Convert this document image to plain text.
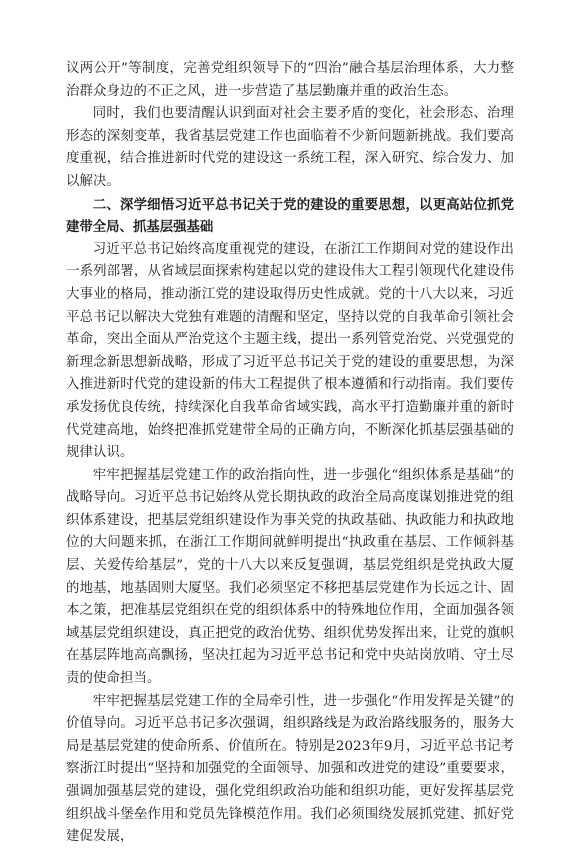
议两公开”等制度，完善党组织领导下的“四治”融合基层治理体系，大力整治群众身边的不正之风，进一步营造了基层勤廉并重的政治生态。

同时，我们也要清醒认识到面对社会主要矛盾的变化，社会形态、治理形态的深刻变革，我省基层党建工作也面临着不少新问题新挑战。我们要高度重视，结合推进新时代党的建设这一系统工程，深入研究、综合发力、加以解决。

二、深学细悟习近平总书记关于党的建设的重要思想，以更高站位抓党建带全局、抓基层强基础

习近平总书记始终高度重视党的建设，在浙江工作期间对党的建设作出一系列部署，从省域层面探索构建起以党的建设伟大工程引领现代化建设伟大事业的格局，推动浙江党的建设取得历史性成就。党的十八大以来，习近平总书记以解决大党独有难题的清醒和坚定，坚持以党的自我革命引领社会革命，突出全面从严治党这个主题主线，提出一系列管党治党、兴党强党的新理念新思想新战略，形成了习近平总书记关于党的建设的重要思想，为深入推进新时代党的建设新的伟大工程提供了根本遵循和行动指南。我们要传承发扬优良传统，持续深化自我革命省域实践，高水平打造勤廉并重的新时代党建高地，始终把准抓党建带全局的正确方向，不断深化抓基层强基础的规律认识。

牢牢把握基层党建工作的政治指向性，进一步强化“组织体系是基础”的战略导向。习近平总书记始终从党长期执政的政治全局高度谋划推进党的组织体系建设，把基层党组织建设作为事关党的执政基础、执政能力和执政地位的大问题来抓，在浙江工作期间就鲜明提出“执政重在基层、工作倾斜基层、关爱传给基层”，党的十八大以来反复强调，基层党组织是党执政大厦的地基，地基固则大厦坚。我们必须坚定不移把基层党建作为长远之计、固本之策，把准基层党组织在党的组织体系中的特殊地位作用，全面加强各领域基层党组织建设，真正把党的政治优势、组织优势发挥出来，让党的旗帜在基层阵地高高飘扬，坚决扛起为习近平总书记和党中央站岗放哨、守土尽责的使命担当。

牢牢把握基层党建工作的全局牵引性，进一步强化“作用发挥是关键”的价值导向。习近平总书记多次强调，组织路线是为政治路线服务的，服务大局是基层党建的使命所系、价值所在。特别是2023年9月，习近平总书记考察浙江时提出“坚持和加强党的全面领导、加强和改进党的建设”重要要求，强调加强基层党的建设，强化党组织政治功能和组织功能，更好发挥基层党组织战斗堡垒作用和党员先锋模范作用。我们必须围绕发展抓党建、抓好党建促发展，
